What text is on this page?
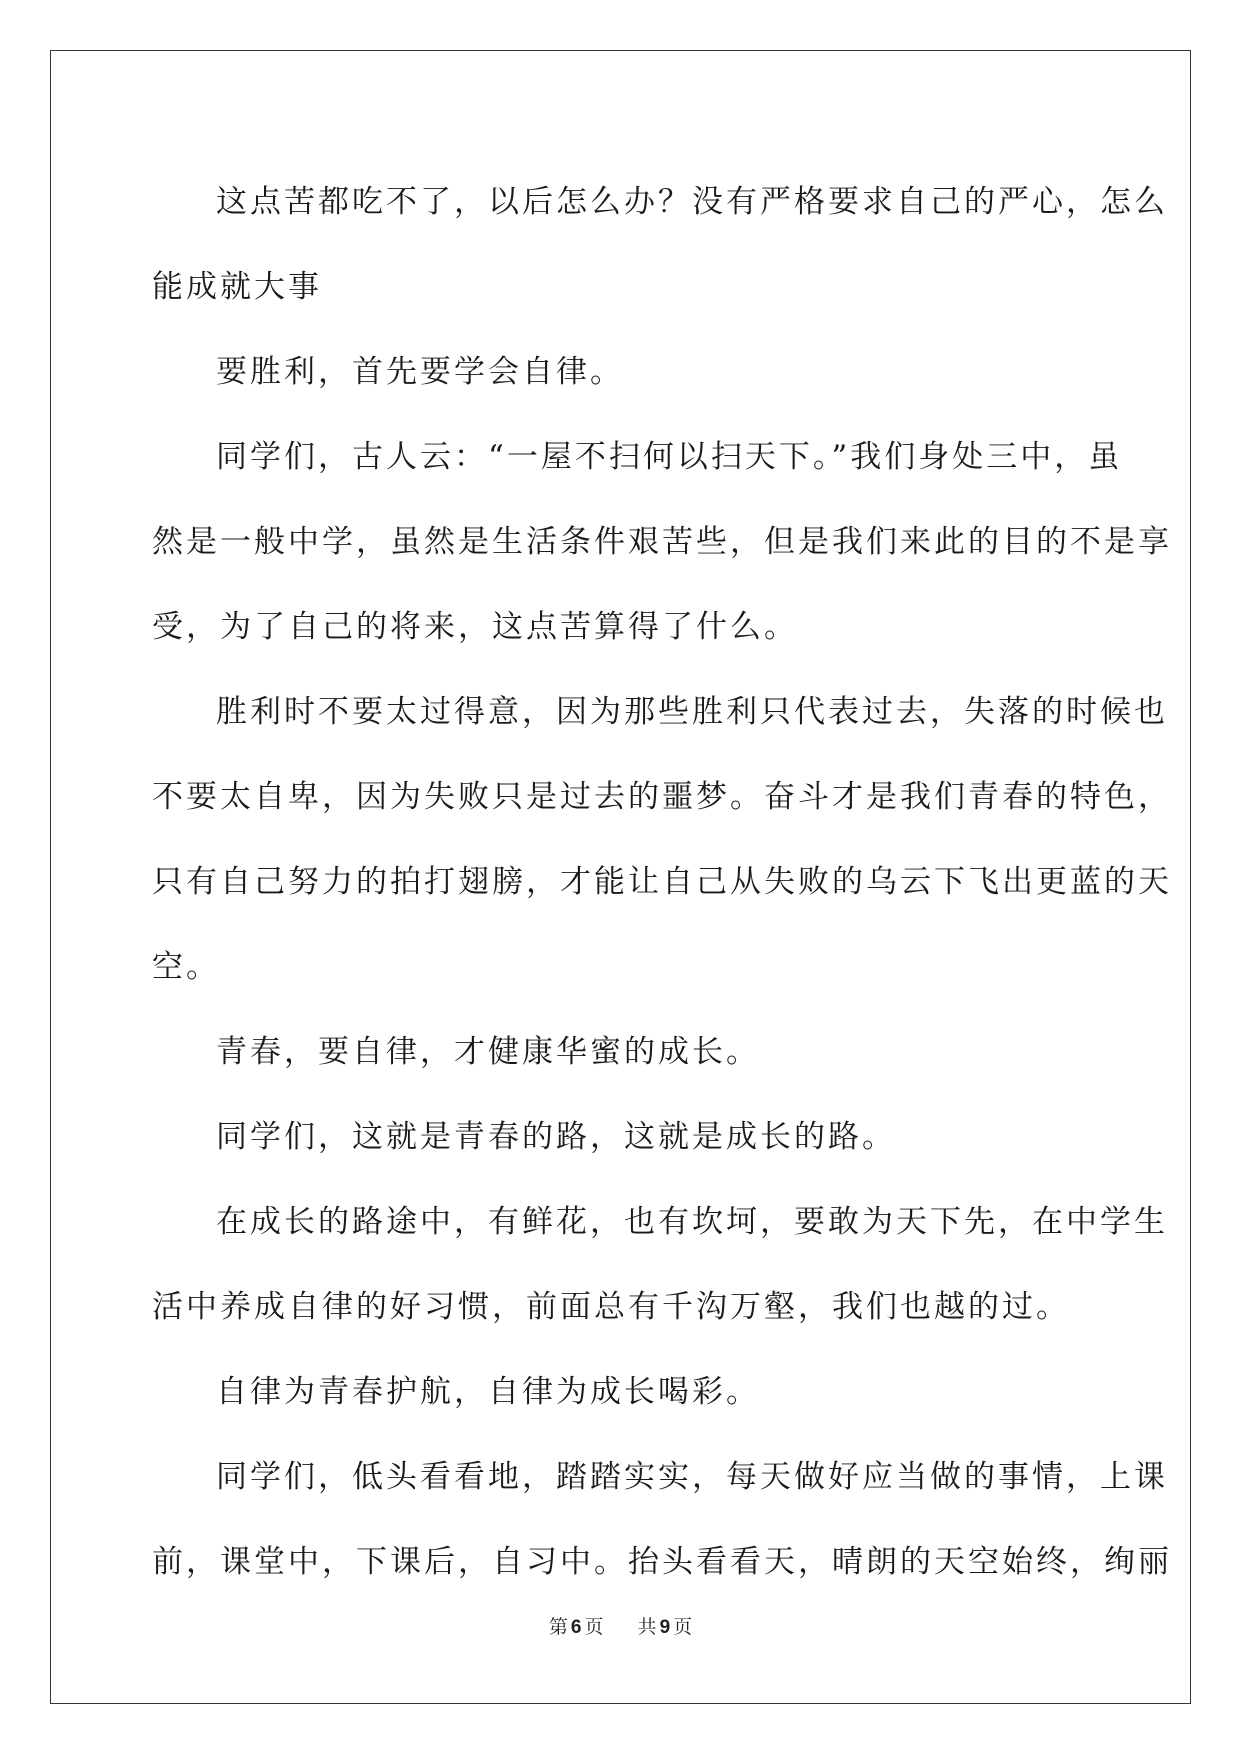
这点苦都吃不了，以后怎么办？没有严格要求自己的严心，怎么
能成就大事

要胜利，首先要学会自律。

同学们，古人云：“一屋不扫何以扫天下。”我们身处三中，虽
然是一般中学，虽然是生活条件艰苦些，但是我们来此的目的不是享
受，为了自己的将来，这点苦算得了什么。

胜利时不要太过得意，因为那些胜利只代表过去，失落的时候也
不要太自卑，因为失败只是过去的噩梦。奋斗才是我们青春的特色，
只有自己努力的拍打翅膀，才能让自己从失败的乌云下飞出更蓝的天
空。

青春，要自律，才健康华蜜的成长。

同学们，这就是青春的路，这就是成长的路。

在成长的路途中，有鲜花，也有坎坷，要敢为天下先，在中学生
活中养成自律的好习惯，前面总有千沟万壑，我们也越的过。

自律为青春护航，自律为成长喝彩。

同学们，低头看看地，踏踏实实，每天做好应当做的事情，上课
前，课堂中，下课后，自习中。抬头看看天，晴朗的天空始终，绚丽

第 6 页 共 9 页
